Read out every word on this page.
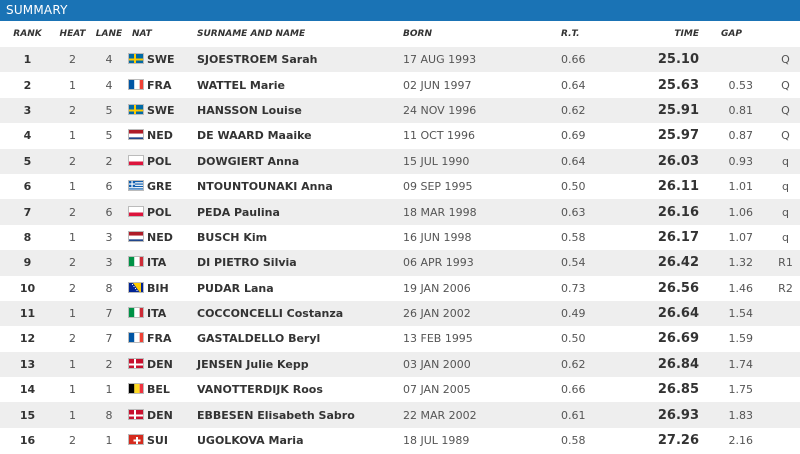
SUMMARY
RANK	HEAT	LANE	NAT	SURNAME AND NAME	BORN	R.T.	TIME	GAP	
1	2	4	SWE	SJOESTROEM Sarah	17 AUG 1993	0.66	25.10		Q
2	1	4	FRA	WATTEL Marie	02 JUN 1997	0.64	25.63	0.53	Q
3	2	5	SWE	HANSSON Louise	24 NOV 1996	0.62	25.91	0.81	Q
4	1	5	NED	DE WAARD Maaike	11 OCT 1996	0.69	25.97	0.87	Q
5	2	2	POL	DOWGIERT Anna	15 JUL 1990	0.64	26.03	0.93	q
6	1	6	GRE	NTOUNTOUNAKI Anna	09 SEP 1995	0.50	26.11	1.01	q
7	2	6	POL	PEDA Paulina	18 MAR 1998	0.63	26.16	1.06	q
8	1	3	NED	BUSCH Kim	16 JUN 1998	0.58	26.17	1.07	q
9	2	3	ITA	DI PIETRO Silvia	06 APR 1993	0.54	26.42	1.32	R1
10	2	8	BIH	PUDAR Lana	19 JAN 2006	0.73	26.56	1.46	R2
11	1	7	ITA	COCCONCELLI Costanza	26 JAN 2002	0.49	26.64	1.54	
12	2	7	FRA	GASTALDELLO Beryl	13 FEB 1995	0.50	26.69	1.59	
13	1	2	DEN	JENSEN Julie Kepp	03 JAN 2000	0.62	26.84	1.74	
14	1	1	BEL	VANOTTERDIJK Roos	07 JAN 2005	0.66	26.85	1.75	
15	1	8	DEN	EBBESEN Elisabeth Sabro	22 MAR 2002	0.61	26.93	1.83	
16	2	1	SUI	UGOLKOVA Maria	18 JUL 1989	0.58	27.26	2.16	
